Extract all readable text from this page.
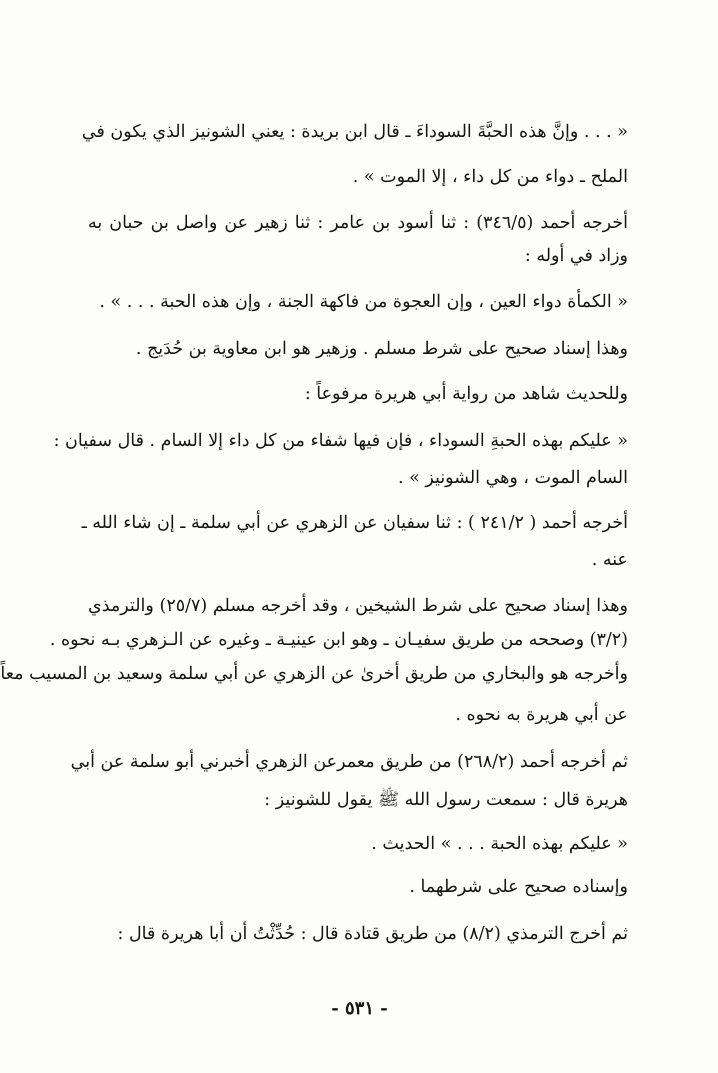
« . . . وإنَّ هذه الحبَّةَ السوداءَ ـ قال ابن بريدة : يعني الشونيز الذي يكون في
الملح ـ دواء من كل داء ، إلا الموت » .
أخرجه أحمد (٣٤٦/٥) : ثنا أسود بن عامر : ثنا زهير عن واصل بن حبان به
وزاد في أوله :
« الكمأة دواء العين ، وإن العجوة من فاكهة الجنة ، وإن هذه الحبة . . . » .
وهذا إسناد صحيح على شرط مسلم . وزهير هو ابن معاوية بن حُدَيج .
وللحديث شاهد من رواية أبي هريرة مرفوعاً :
« عليكم بهذه الحبةِ السوداء ، فإن فيها شفاء من كل داء إلا السام . قال سفيان :
السام الموت ، وهي الشونيز » .
أخرجه أحمد ( ٢٤١/٢ ) : ثنا سفيان عن الزهري عن أبي سلمة ـ إن شاء الله ـ
عنه .
وهذا إسناد صحيح على شرط الشيخين ، وقد أخرجه مسلم (٢٥/٧) والترمذي
(٣/٢) وصححه من طريق سفيـان ـ وهو ابن عينيـة ـ وغيره عن الـزهري بـه نحوه .
وأخرجه هو والبخاري من طريق أخرىٰ عن الزهري عن أبي سلمة وسعيد بن المسيب معاً
عن أبي هريرة به نحوه .
ثم أخرجه أحمد (٢٦٨/٢) من طريق معمرعن الزهري أخبرني أبو سلمة عن أبي
هريرة قال : سمعت رسول الله ﷺ يقول للشونيز :
« عليكم بهذه الحبة . . . » الحديث .
وإسناده صحيح على شرطهما .
ثم أخرج الترمذي (٨/٢) من طريق قتادة قال : حُدِّثْتُ أن أبا هريرة قال :
- ٥٣١ -
